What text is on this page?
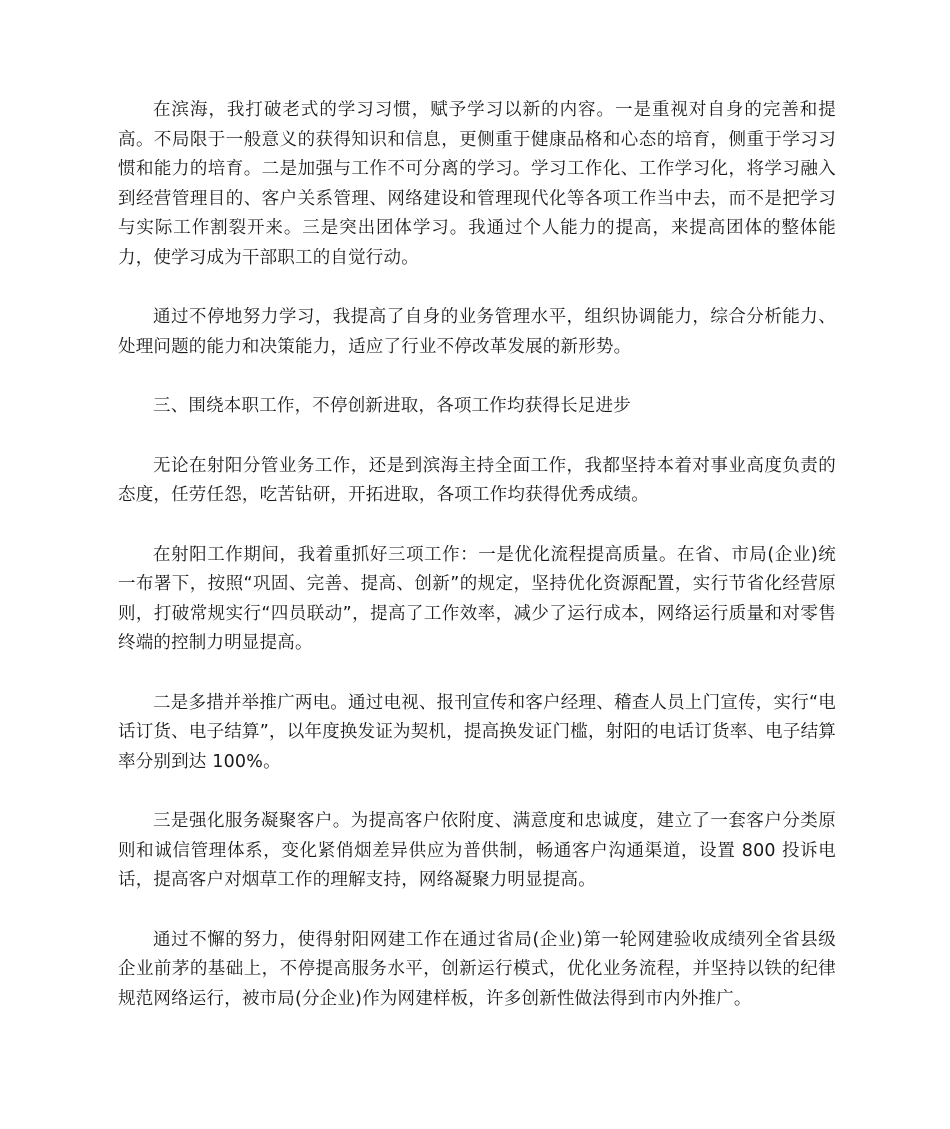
在滨海，我打破老式的学习习惯，赋予学习以新的内容。一是重视对自身的完善和提高。不局限于一般意义的获得知识和信息，更侧重于健康品格和心态的培育，侧重于学习习惯和能力的培育。二是加强与工作不可分离的学习。学习工作化、工作学习化，将学习融入到经营管理目的、客户关系管理、网络建设和管理现代化等各项工作当中去，而不是把学习与实际工作割裂开来。三是突出团体学习。我通过个人能力的提高，来提高团体的整体能力，使学习成为干部职工的自觉行动。

通过不停地努力学习，我提高了自身的业务管理水平，组织协调能力，综合分析能力、处理问题的能力和决策能力，适应了行业不停改革发展的新形势。

三、围绕本职工作，不停创新进取，各项工作均获得长足进步

无论在射阳分管业务工作，还是到滨海主持全面工作，我都坚持本着对事业高度负责的态度，任劳任怨，吃苦钻研，开拓进取，各项工作均获得优秀成绩。

在射阳工作期间，我着重抓好三项工作：一是优化流程提高质量。在省、市局(企业)统一布署下，按照“巩固、完善、提高、创新”的规定，坚持优化资源配置，实行节省化经营原则，打破常规实行“四员联动”，提高了工作效率，减少了运行成本，网络运行质量和对零售终端的控制力明显提高。

二是多措并举推广两电。通过电视、报刊宣传和客户经理、稽查人员上门宣传，实行“电话订货、电子结算”，以年度换发证为契机，提高换发证门槛，射阳的电话订货率、电子结算率分别到达 100%。

三是强化服务凝聚客户。为提高客户依附度、满意度和忠诚度，建立了一套客户分类原则和诚信管理体系，变化紧俏烟差异供应为普供制，畅通客户沟通渠道，设置 800 投诉电话，提高客户对烟草工作的理解支持，网络凝聚力明显提高。

通过不懈的努力，使得射阳网建工作在通过省局(企业)第一轮网建验收成绩列全省县级企业前茅的基础上，不停提高服务水平，创新运行模式，优化业务流程，并坚持以铁的纪律规范网络运行，被市局(分企业)作为网建样板，许多创新性做法得到市内外推广。
